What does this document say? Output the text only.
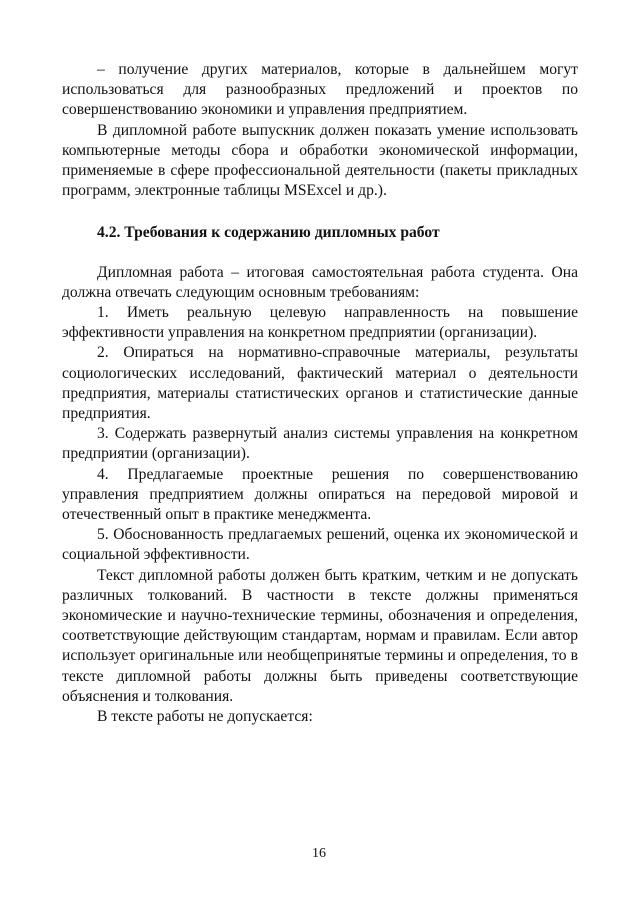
– получение других материалов, которые в дальнейшем могут использоваться для разнообразных предложений и проектов по совершенствованию экономики и управления предприятием.

В дипломной работе выпускник должен показать умение использовать компьютерные методы сбора и обработки экономической информации, применяемые в сфере профессиональной деятельности (пакеты прикладных программ, электронные таблицы MSExcel и др.).

4.2. Требования к содержанию дипломных работ

Дипломная работа – итоговая самостоятельная работа студента. Она должна отвечать следующим основным требованиям:

1. Иметь реальную целевую направленность на повышение эффективности управления на конкретном предприятии (организации).

2. Опираться на нормативно-справочные материалы, результаты социологических исследований, фактический материал о деятельности предприятия, материалы статистических органов и статистические данные предприятия.

3. Содержать развернутый анализ системы управления на конкретном предприятии (организации).

4. Предлагаемые проектные решения по совершенствованию управления предприятием должны опираться на передовой мировой и отечественный опыт в практике менеджмента.

5. Обоснованность предлагаемых решений, оценка их экономической и социальной эффективности.

Текст дипломной работы должен быть кратким, четким и не допускать различных толкований. В частности в тексте должны применяться экономические и научно-технические термины, обозначения и определения, соответствующие действующим стандартам, нормам и правилам. Если автор использует оригинальные или необщепринятые термины и определения, то в тексте дипломной работы должны быть приведены соответствующие объяснения и толкования.

В тексте работы не допускается:

16
